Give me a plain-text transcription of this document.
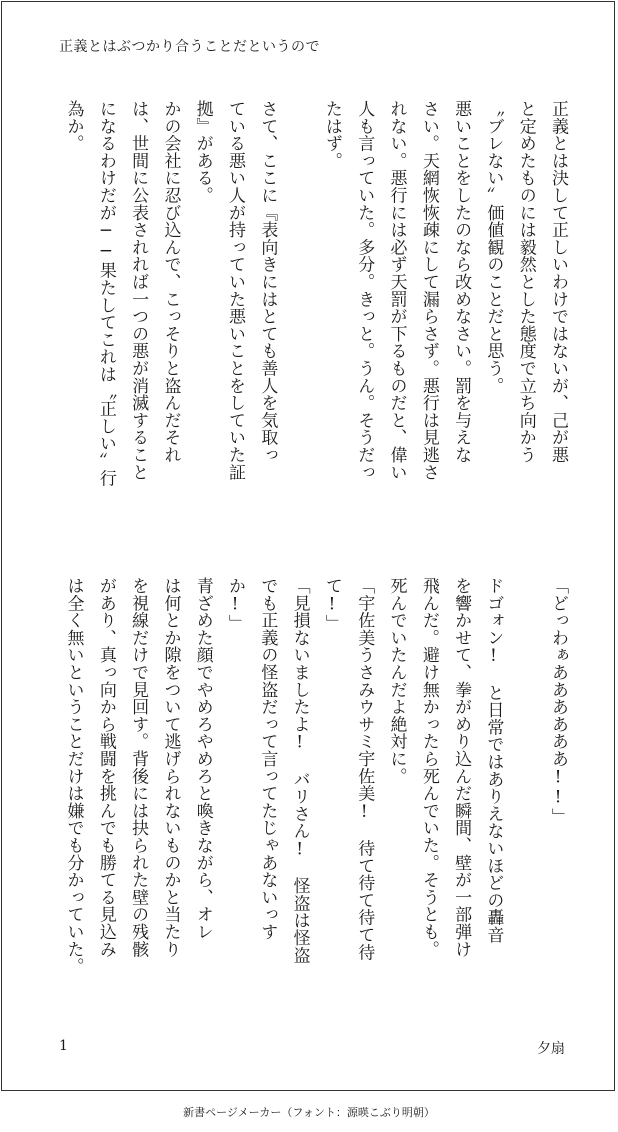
正義とはぶつかり合うことだというので

正義とは決して正しいわけではないが、己が悪

と定めたものには毅然とした態度で立ち向かう

〝ブレない〟価値観のことだと思う。

悪いことをしたのなら改めなさい。罰を与えな

さい。天網恢恢疎にして漏らさず。悪行は見逃さ

れない。悪行には必ず天罰が下るものだと、偉い

人も言っていた。多分。きっと。うん。そうだっ

たはず。

さて、ここに『表向きにはとても善人を気取っ

ている悪い人が持っていた悪いことをしていた証

拠』がある。

かの会社に忍び込んで、こっそりと盗んだそれ

は、世間に公表されれば一つの悪が消滅すること

になるわけだが──果たしてこれは〝正しい〟行

為か。

「どっわぁああああああ!!」

ドゴォン!　と日常ではありえないほどの轟音

を響かせて、拳がめり込んだ瞬間、壁が一部弾け

飛んだ。避け無かったら死んでいた。そうとも。

死んでいたんだよ絶対に。

「宇佐美うさみウサミ宇佐美!　待て待て待て待

て!」

「見損ないましたよ!　バリさん!　怪盗は怪盗

でも正義の怪盗だって言ってたじゃあないっす

か!」

青ざめた顔でやめろやめろと喚きながら、オレ

は何とか隙をついて逃げられないものかと当たり

を視線だけで見回す。背後には抉られた壁の残骸

があり、真っ向から戦闘を挑んでも勝てる見込み

は全く無いということだけは嫌でも分かっていた。

1	夕扇
新書ページメーカー（フォント：源暎こぶり明朝）
